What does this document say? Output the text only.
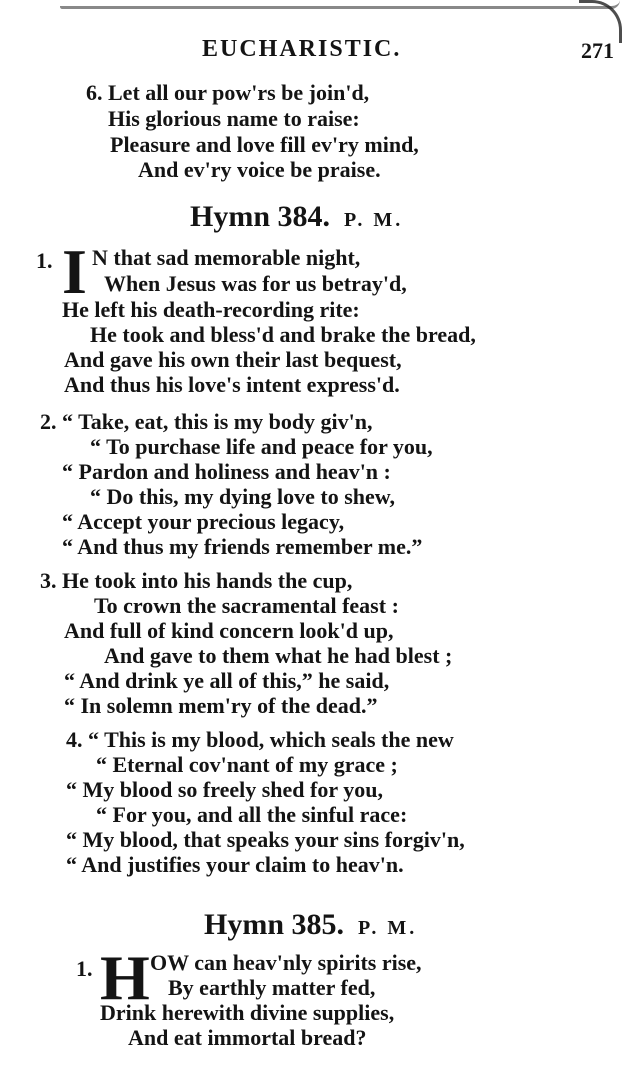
EUCHARISTIC.	271
6. Let all our pow'rs be join'd,
His glorious name to raise:
Pleasure and love fill ev'ry mind,
And ev'ry voice be praise.
Hymn 384. P. M.
1. I N that sad memorable night,
When Jesus was for us betray'd,
He left his death-recording rite:
He took and bless'd and brake the bread,
And gave his own their last bequest,
And thus his love's intent express'd.
2. “ Take, eat, this is my body giv'n,
“ To purchase life and peace for you,
“ Pardon and holiness and heav'n :
“ Do this, my dying love to shew,
“ Accept your precious legacy,
“ And thus my friends remember me.”
3. He took into his hands the cup,
To crown the sacramental feast :
And full of kind concern look'd up,
And gave to them what he had blest ;
“ And drink ye all of this,” he said,
“ In solemn mem'ry of the dead.”
4. “ This is my blood, which seals the new
“ Eternal cov'nant of my grace ;
“ My blood so freely shed for you,
“ For you, and all the sinful race:
“ My blood, that speaks your sins forgiv'n,
“ And justifies your claim to heav'n.
Hymn 385. P. M.
1. H OW can heav'nly spirits rise,
By earthly matter fed,
Drink herewith divine supplies,
And eat immortal bread?
